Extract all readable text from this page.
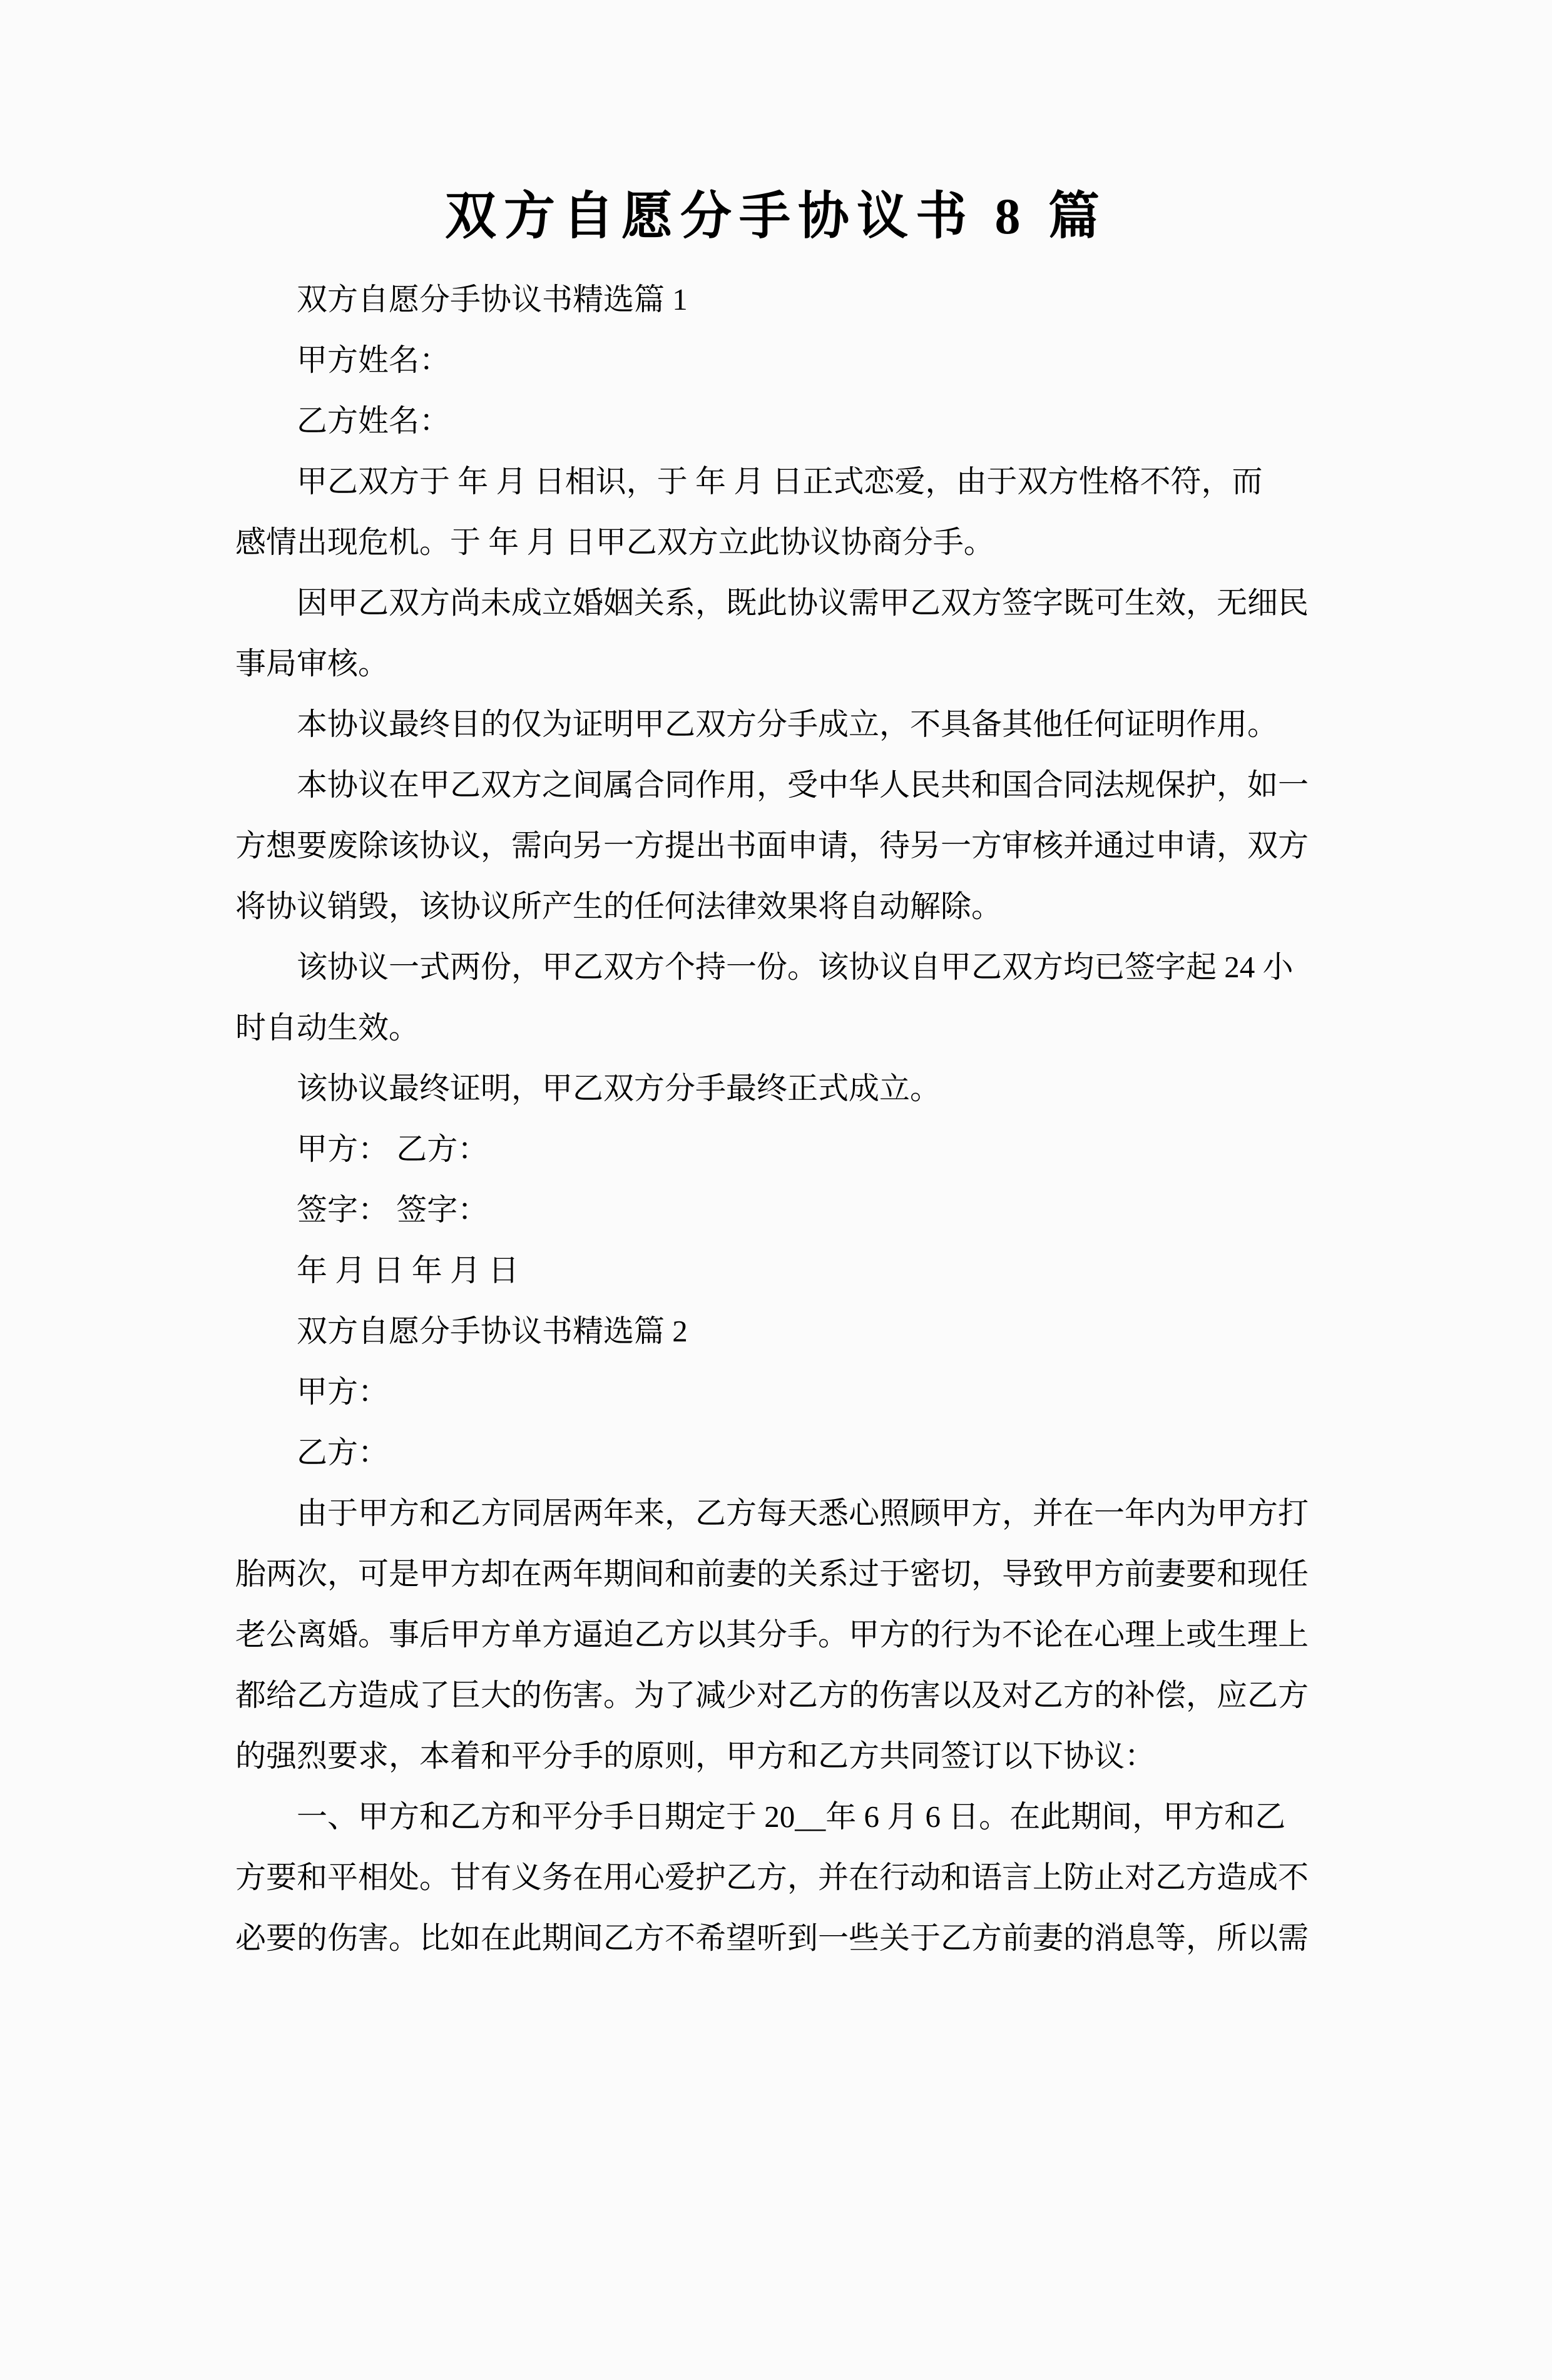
双方自愿分手协议书 8 篇

双方自愿分手协议书精选篇 1

甲方姓名：

乙方姓名：

甲乙双方于 年 月 日相识，于 年 月 日正式恋爱，由于双方性格不符，而
感情出现危机。于 年 月 日甲乙双方立此协议协商分手。

因甲乙双方尚未成立婚姻关系，既此协议需甲乙双方签字既可生效，无细民
事局审核。

本协议最终目的仅为证明甲乙双方分手成立，不具备其他任何证明作用。

本协议在甲乙双方之间属合同作用，受中华人民共和国合同法规保护，如一
方想要废除该协议，需向另一方提出书面申请，待另一方审核并通过申请，双方
将协议销毁，该协议所产生的任何法律效果将自动解除。

该协议一式两份，甲乙双方个持一份。该协议自甲乙双方均已签字起 24 小
时自动生效。

该协议最终证明，甲乙双方分手最终正式成立。

甲方： 乙方：

签字： 签字：

年 月 日 年 月 日

双方自愿分手协议书精选篇 2

甲方：

乙方：

由于甲方和乙方同居两年来，乙方每天悉心照顾甲方，并在一年内为甲方打
胎两次，可是甲方却在两年期间和前妻的关系过于密切，导致甲方前妻要和现任
老公离婚。事后甲方单方逼迫乙方以其分手。甲方的行为不论在心理上或生理上
都给乙方造成了巨大的伤害。为了减少对乙方的伤害以及对乙方的补偿，应乙方
的强烈要求，本着和平分手的原则，甲方和乙方共同签订以下协议：

一、甲方和乙方和平分手日期定于 20__年 6 月 6 日。在此期间，甲方和乙
方要和平相处。甘有义务在用心爱护乙方，并在行动和语言上防止对乙方造成不
必要的伤害。比如在此期间乙方不希望听到一些关于乙方前妻的消息等，所以需
